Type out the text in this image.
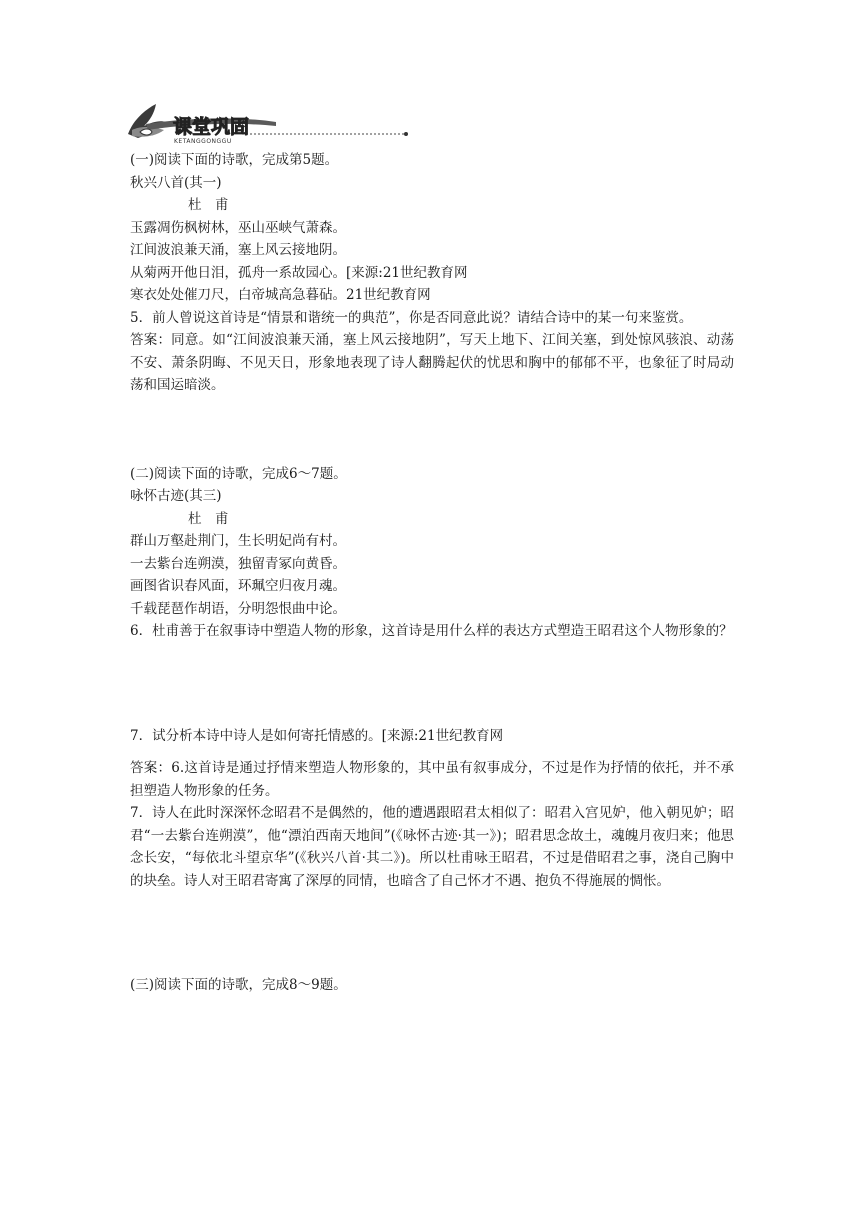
课堂巩固
KETANGGONGGU
(一)阅读下面的诗歌，完成第5题。
秋兴八首(其一)
杜　甫
玉露凋伤枫树林，巫山巫峡气萧森。
江间波浪兼天涌，塞上风云接地阴。
从菊两开他日泪，孤舟一系故园心。[来源:21世纪教育网
寒衣处处催刀尺，白帝城高急暮砧。21世纪教育网
5．前人曾说这首诗是“情景和谐统一的典范”，你是否同意此说？请结合诗中的某一句来鉴赏。
答案：同意。如“江间波浪兼天涌，塞上风云接地阴”，写天上地下、江间关塞，到处惊风骇浪、动荡不安、萧条阴晦、不见天日，形象地表现了诗人翻腾起伏的忧思和胸中的郁郁不平，也象征了时局动荡和国运暗淡。
(二)阅读下面的诗歌，完成6～7题。
咏怀古迹(其三)
杜　甫
群山万壑赴荆门，生长明妃尚有村。
一去紫台连朔漠，独留青冢向黄昏。
画图省识春风面，环珮空归夜月魂。
千载琵琶作胡语，分明怨恨曲中论。
6．杜甫善于在叙事诗中塑造人物的形象，这首诗是用什么样的表达方式塑造王昭君这个人物形象的？
7．试分析本诗中诗人是如何寄托情感的。[来源:21世纪教育网
答案：6.这首诗是通过抒情来塑造人物形象的，其中虽有叙事成分，不过是作为抒情的依托，并不承担塑造人物形象的任务。
7．诗人在此时深深怀念昭君不是偶然的，他的遭遇跟昭君太相似了：昭君入宫见妒，他入朝见妒；昭君“一去紫台连朔漠”，他“漂泊西南天地间”(《咏怀古迹·其一》)；昭君思念故土，魂魄月夜归来；他思念长安，“每依北斗望京华”(《秋兴八首·其二》)。所以杜甫咏王昭君，不过是借昭君之事，浇自己胸中的块垒。诗人对王昭君寄寓了深厚的同情，也暗含了自己怀才不遇、抱负不得施展的惆怅。
(三)阅读下面的诗歌，完成8～9题。
